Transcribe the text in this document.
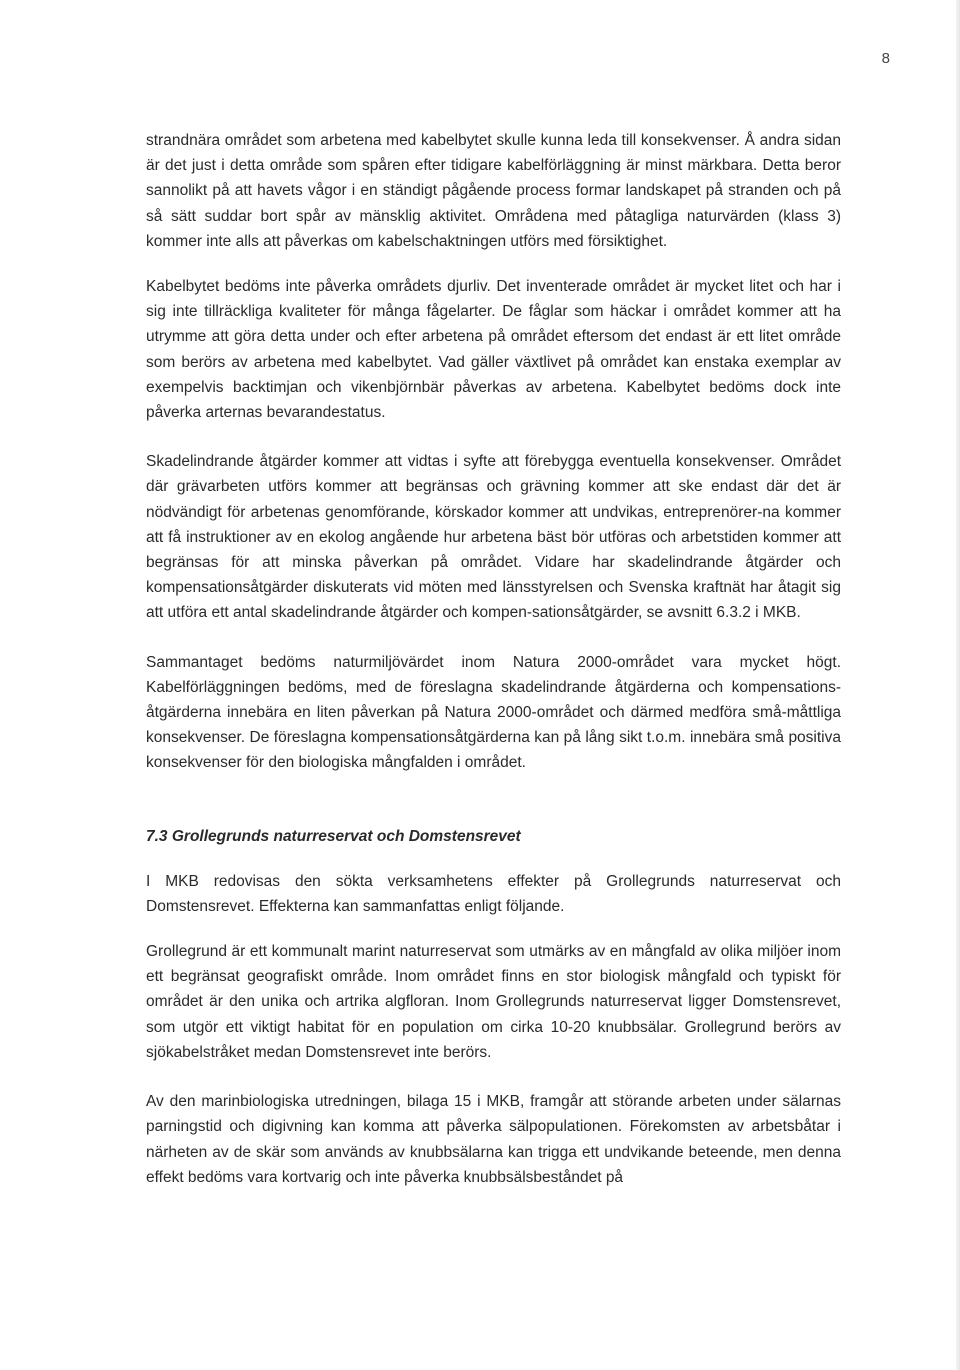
8

strandnära området som arbetena med kabelbytet skulle kunna leda till konsekvenser. Å andra sidan är det just i detta område som spåren efter tidigare kabelförläggning är minst märkbara. Detta beror sannolikt på att havets vågor i en ständigt pågående process formar landskapet på stranden och på så sätt suddar bort spår av mänsklig aktivitet. Områdena med påtagliga naturvärden (klass 3) kommer inte alls att påverkas om kabelschaktningen utförs med försiktighet.

Kabelbytet bedöms inte påverka områdets djurliv. Det inventerade området är mycket litet och har i sig inte tillräckliga kvaliteter för många fågelarter. De fåglar som häckar i området kommer att ha utrymme att göra detta under och efter arbetena på området eftersom det endast är ett litet område som berörs av arbetena med kabelbytet. Vad gäller växtlivet på området kan enstaka exemplar av exempelvis backtimjan och vikenbjörnbär påverkas av arbetena. Kabelbytet bedöms dock inte påverka arternas bevarandestatus.

Skadelindrande åtgärder kommer att vidtas i syfte att förebygga eventuella konsekvenser. Området där grävarbeten utförs kommer att begränsas och grävning kommer att ske endast där det är nödvändigt för arbetenas genomförande, körskador kommer att undvikas, entreprenörer-na kommer att få instruktioner av en ekolog angående hur arbetena bäst bör utföras och arbetstiden kommer att begränsas för att minska påverkan på området. Vidare har skadelindrande åtgärder och kompensationsåtgärder diskuterats vid möten med länsstyrelsen och Svenska kraftnät har åtagit sig att utföra ett antal skadelindrande åtgärder och kompen-sationsåtgärder, se avsnitt 6.3.2 i MKB.

Sammantaget bedöms naturmiljövärdet inom Natura 2000-området vara mycket högt. Kabelförläggningen bedöms, med de föreslagna skadelindrande åtgärderna och kompensations-åtgärderna innebära en liten påverkan på Natura 2000-området och därmed medföra små-måttliga konsekvenser. De föreslagna kompensationsåtgärderna kan på lång sikt t.o.m. innebära små positiva konsekvenser för den biologiska mångfalden i området.

7.3 Grollegrunds naturreservat och Domstensrevet

I MKB redovisas den sökta verksamhetens effekter på Grollegrunds naturreservat och Domstensrevet. Effekterna kan sammanfattas enligt följande.

Grollegrund är ett kommunalt marint naturreservat som utmärks av en mångfald av olika miljöer inom ett begränsat geografiskt område. Inom området finns en stor biologisk mångfald och typiskt för området är den unika och artrika algfloran. Inom Grollegrunds naturreservat ligger Domstensrevet, som utgör ett viktigt habitat för en population om cirka 10-20 knubbsälar. Grollegrund berörs av sjökabelstråket medan Domstensrevet inte berörs.

Av den marinbiologiska utredningen, bilaga 15 i MKB, framgår att störande arbeten under sälarnas parningstid och digivning kan komma att påverka sälpopulationen. Förekomsten av arbetsbåtar i närheten av de skär som används av knubbsälarna kan trigga ett undvikande beteende, men denna effekt bedöms vara kortvarig och inte påverka knubbsälsbeståndet på
